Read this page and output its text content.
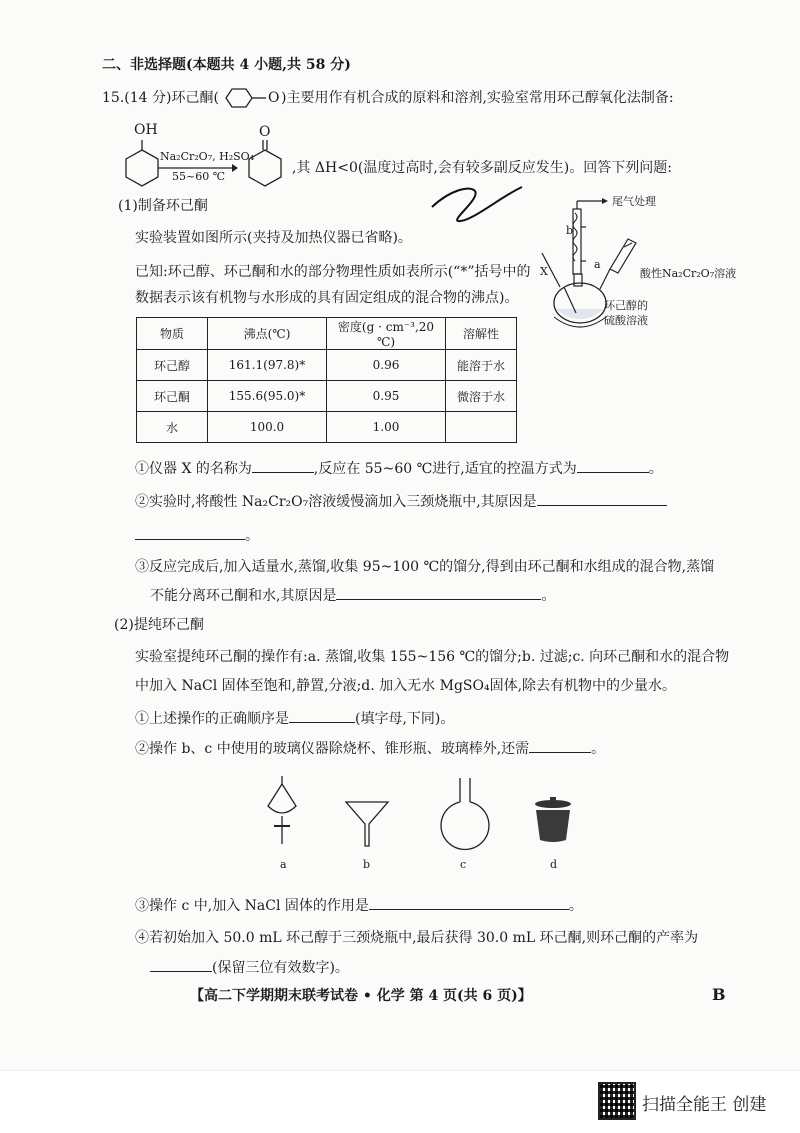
二、非选择题(本题共 4 小题,共 58 分)
15.(14 分)环己酮(	O )主要用作有机合成的原料和溶剂,实验室常用环己醇氧化法制备:
OH
Na₂Cr₂O₇, H₂SO₄
55~60 ℃
O
,其 ΔH<0(温度过高时,会有较多副反应发生)。回答下列问题:
(1)制备环己酮
实验装置如图所示(夹持及加热仪器已省略)。
已知:环己醇、环己酮和水的部分物理性质如表所示(“*”括号中的
数据表示该有机物与水形成的具有固定组成的混合物的沸点)。
尾气处理
b
a
X	酸性Na₂Cr₂O₇溶液
环己醇的
硫酸溶液
物质	沸点(℃)	密度(g · cm⁻³,20 ℃)	溶解性
环己醇	161.1(97.8)*	0.96	能溶于水
环己酮	155.6(95.0)*	0.95	微溶于水
水	100.0	1.00	
①仪器 X 的名称为	,反应在 55~60 ℃进行,适宜的控温方式为	。
②实验时,将酸性 Na₂Cr₂O₇溶液缓慢滴加入三颈烧瓶中,其原因是
。
③反应完成后,加入适量水,蒸馏,收集 95~100 ℃的馏分,得到由环己酮和水组成的混合物,蒸馏
不能分离环己酮和水,其原因是	。
(2)提纯环己酮
实验室提纯环己酮的操作有:a. 蒸馏,收集 155~156 ℃的馏分;b. 过滤;c. 向环己酮和水的混合物
中加入 NaCl 固体至饱和,静置,分液;d. 加入无水 MgSO₄固体,除去有机物中的少量水。
①上述操作的正确顺序是	(填字母,下同)。
②操作 b、c 中使用的玻璃仪器除烧杯、锥形瓶、玻璃棒外,还需	。
a	b	c	d
③操作 c 中,加入 NaCl 固体的作用是	。
④若初始加入 50.0 mL 环己醇于三颈烧瓶中,最后获得 30.0 mL 环己酮,则环己酮的产率为
(保留三位有效数字)。
【高二下学期期末联考试卷 • 化学 第 4 页(共 6 页)】	B
扫描全能王 创建
